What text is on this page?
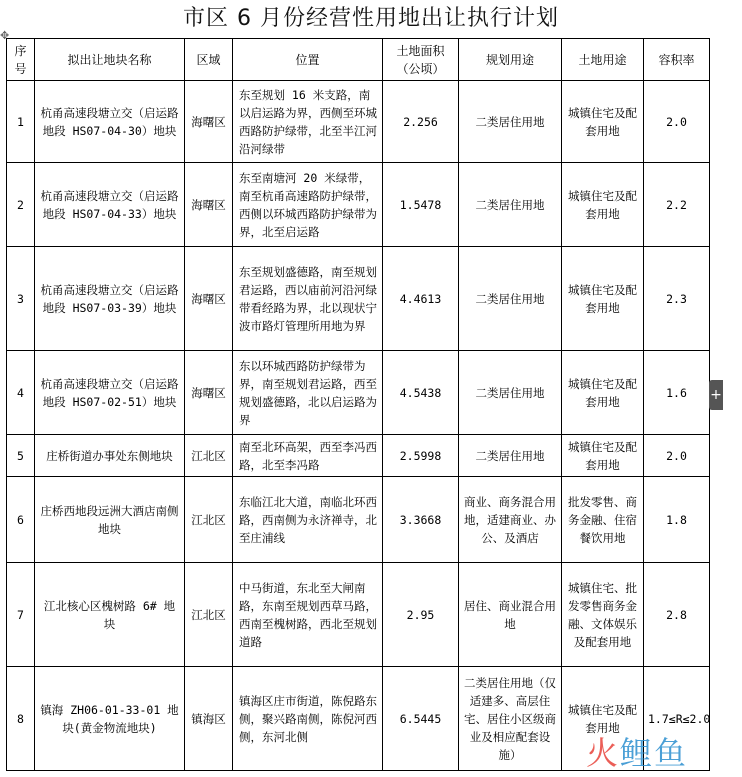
市区 6 月份经营性用地出让执行计划
✥
序号	拟出让地块名称	区域	位置	土地面积（公顷）	规划用途	土地用途	容积率
1	杭甬高速段塘立交（启运路地段 HS07-04-30）地块	海曙区	东至规划 16 米支路，南以启运路为界，西侧至环城西路防护绿带，北至半江河沿河绿带	2.256	二类居住用地	城镇住宅及配套用地	2.0
2	杭甬高速段塘立交（启运路地段 HS07-04-33）地块	海曙区	东至南塘河 20 米绿带，南至杭甬高速路防护绿带，西侧以环城西路防护绿带为界，北至启运路	1.5478	二类居住用地	城镇住宅及配套用地	2.2
3	杭甬高速段塘立交（启运路地段 HS07-03-39）地块	海曙区	东至规划盛德路，南至规划君运路，西以庙前河沿河绿带看经路为界，北以现状宁波市路灯管理所用地为界	4.4613	二类居住用地	城镇住宅及配套用地	2.3
4	杭甬高速段塘立交（启运路地段 HS07-02-51）地块	海曙区	东以环城西路防护绿带为界，南至规划君运路，西至规划盛德路，北以启运路为界	4.5438	二类居住用地	城镇住宅及配套用地	1.6
5	庄桥街道办事处东侧地块	江北区	南至北环高架，西至李冯西路，北至李冯路	2.5998	二类居住用地	城镇住宅及配套用地	2.0
6	庄桥西地段远洲大酒店南侧地块	江北区	东临江北大道，南临北环西路，西南侧为永济禅寺，北至庄浦线	3.3668	商业、商务混合用地，适建商业、办公、及酒店	批发零售、商务金融、住宿餐饮用地	1.8
7	江北核心区槐树路 6# 地块	江北区	中马街道，东北至大闸南路，东南至规划西草马路，西南至槐树路，西北至规划道路	2.95	居住、商业混合用地	城镇住宅、批发零售商务金融、文体娱乐及配套用地	2.8
8	镇海 ZH06-01-33-01 地块(黄金物流地块)	镇海区	镇海区庄市街道，陈倪路东侧，聚兴路南侧，陈倪河西侧，东河北侧	6.5445	二类居住用地（仅适建多、高层住宅、居住小区级商业及相应配套设施）	城镇住宅及配套用地	1.7≤R≤2.0
+
火鲤鱼
